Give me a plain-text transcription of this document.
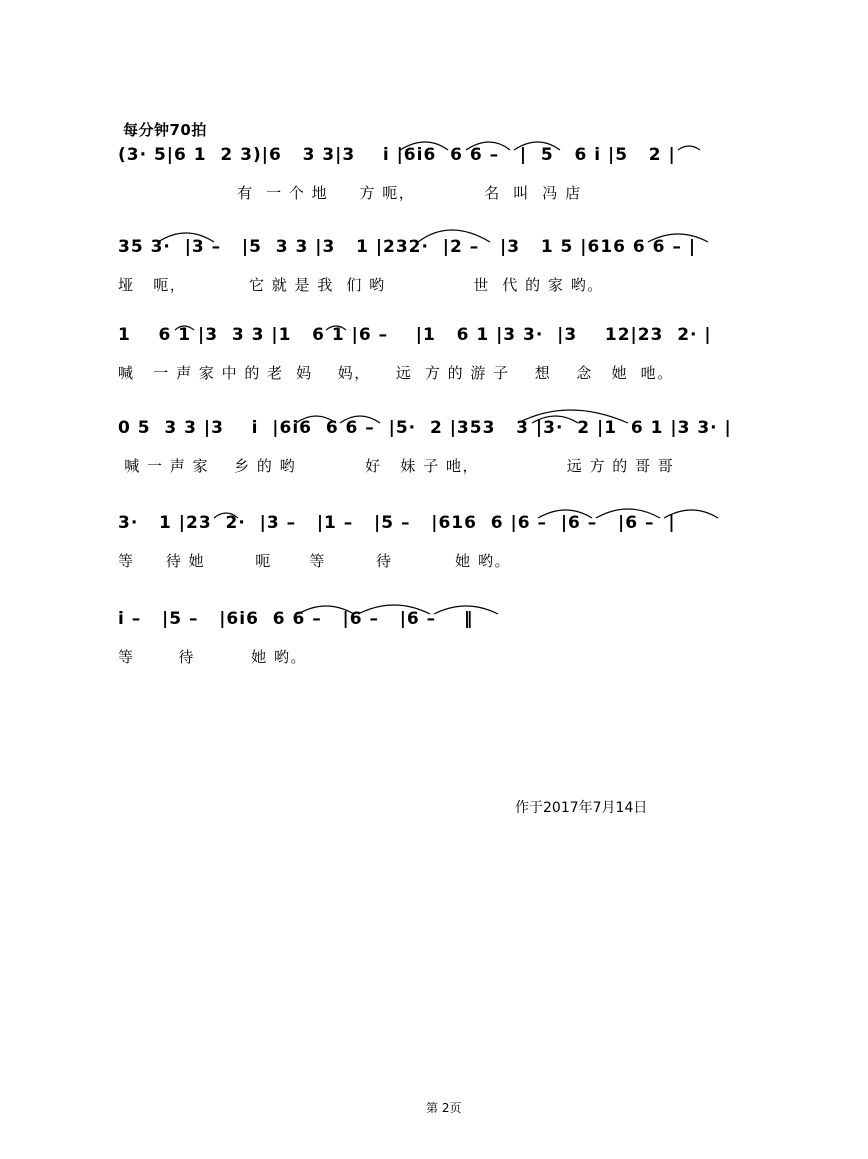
每分钟70拍
(3· 5|6 1  2 3)|6   3 3|3    i |6i6  6 6 –   |  5   6 i |5   2 |
有  一 个 地     方 呃，           名  叫  冯 店
35 3·  |3 –   |5  3 3 |3   1 |232·  |2 –   |3   1 5 |616 6 6 – |
垭   呃，          它 就 是 我  们 哟              世  代 的 家 哟。
1    6 1 |3  3 3 |1   6 1 |6 –    |1   6 1 |3 3·  |3    12|23  2· |
喊   一 声 家 中 的 老  妈    妈，    远  方 的 游 子    想    念   她  吔。
0 5  3 3 |3    i  |6i6  6 6 –  |5·  2 |353   3 |3·  2 |1  6 1 |3 3· |
喊 一 声 家    乡 的 哟           好   妹 子 吔，              远 方 的 哥 哥
3·   1 |23  2·  |3 –   |1 –   |5 –   |616  6 |6 –  |6 –   |6 –  |
等     待 她        呃      等        待          她 哟。
i –   |5 –   |6i6  6 6 –   |6 –   |6 –    ‖
等       待         她 哟。
作于2017年7月14日
第 2页
